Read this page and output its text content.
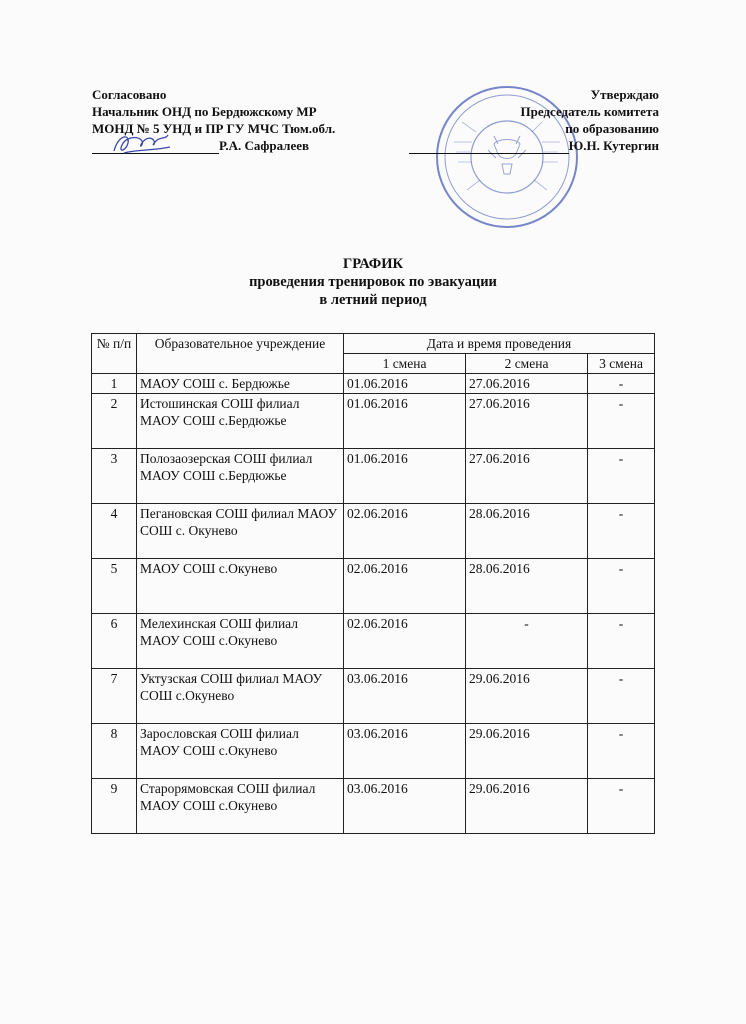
Согласовано
Начальник ОНД по Бердюжскому МР
МОНД № 5 УНД и ПР ГУ МЧС Тюм.обл.
Р.А. Сафралеев
Утверждаю
Председатель комитета
по образованию
Ю.Н. Кутергин
ГРАФИК
проведения тренировок по эвакуации
в летний период
№ п/п	Образовательное учреждение	Дата и время проведения		
		1 смена	2 смена	3 смена
1	МАОУ СОШ с. Бердюжье	01.06.2016	27.06.2016	-
2	Истошинская СОШ филиал МАОУ СОШ с.Бердюжье	01.06.2016	27.06.2016	-
3	Полозаозерская СОШ филиал МАОУ СОШ с.Бердюжье	01.06.2016	27.06.2016	-
4	Пегановская СОШ филиал МАОУ СОШ с. Окунево	02.06.2016	28.06.2016	-
5	МАОУ СОШ с.Окунево	02.06.2016	28.06.2016	-
6	Мелехинская СОШ филиал МАОУ СОШ с.Окунево	02.06.2016	-	-
7	Уктузская СОШ филиал МАОУ СОШ с.Окунево	03.06.2016	29.06.2016	-
8	Зарословская СОШ филиал МАОУ СОШ с.Окунево	03.06.2016	29.06.2016	-
9	Старорямовская СОШ филиал МАОУ СОШ с.Окунево	03.06.2016	29.06.2016	-
